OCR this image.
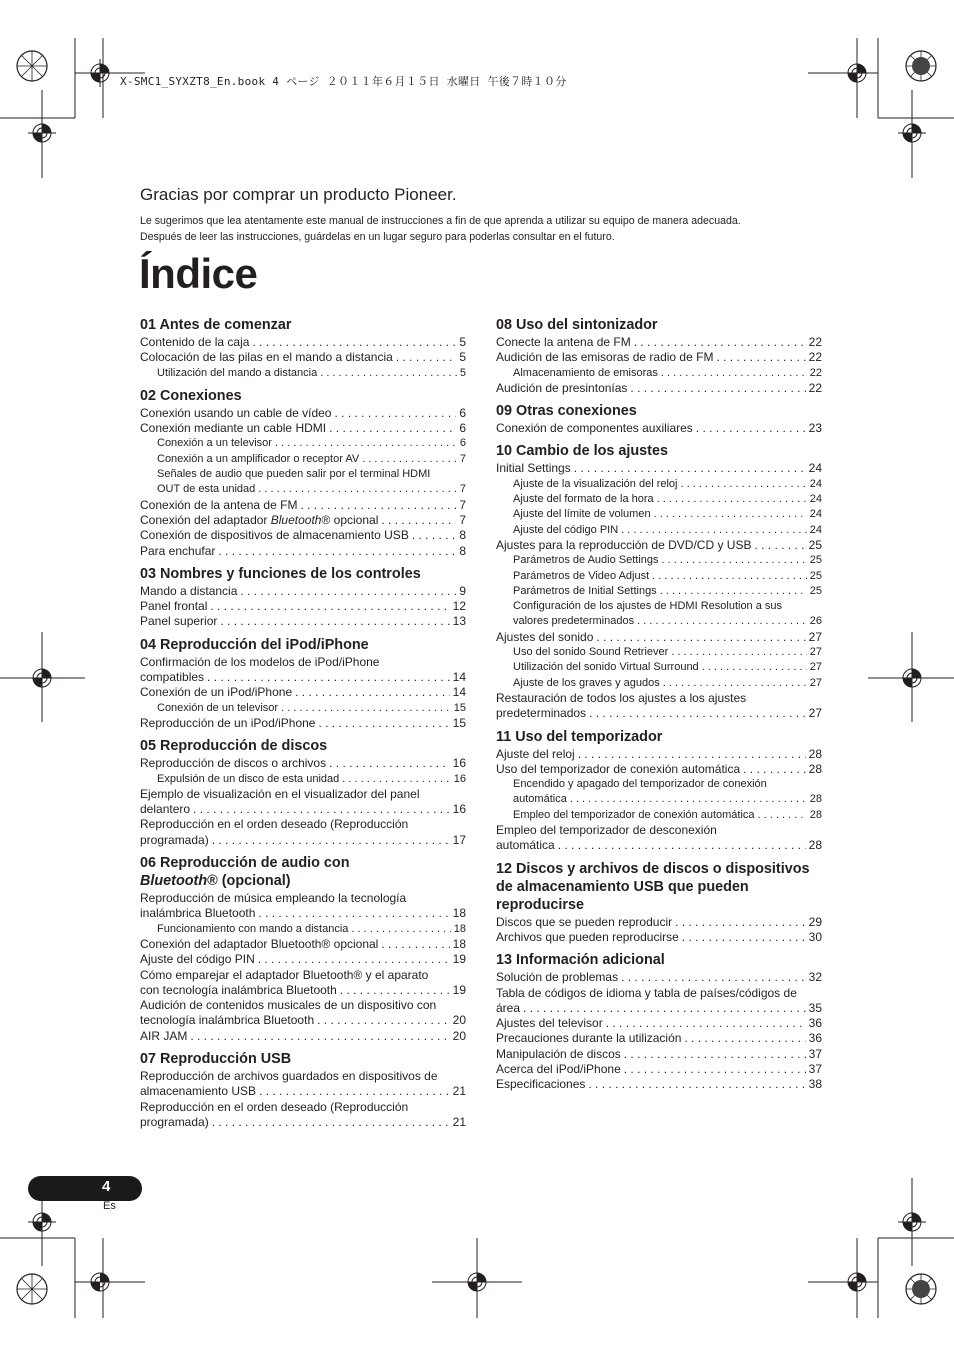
X-SMC1_SYXZT8_En.book 4 ページ ２０１１年６月１５日 水曜日 午後７時１０分
Gracias por comprar un producto Pioneer.

Le sugerimos que lea atentamente este manual de instrucciones a fin de que aprenda a utilizar su equipo de manera adecuada.

Después de leer las instrucciones, guárdelas en un lugar seguro para poderlas consultar en el futuro.

Índice
01 Antes de comenzar
Contenido de la caja . . .	5
Colocación de las pilas en el mando a distancia . . .	5
Utilización del mando a distancia . . .	5
02 Conexiones
Conexión usando un cable de vídeo . . .	6
Conexión mediante un cable HDMI . . .	6
Conexión a un televisor . . .	6
Conexión a un amplificador o receptor AV . . .	7
Señales de audio que pueden salir por el terminal HDMI
OUT de esta unidad . . .	7
Conexión de la antena de FM . . .	7
Conexión del adaptador Bluetooth® opcional . . .	7
Conexión de dispositivos de almacenamiento USB . . .	8
Para enchufar . . .	8
03 Nombres y funciones de los controles
Mando a distancia . . .	9
Panel frontal . . .	12
Panel superior . . .	13
04 Reproducción del iPod/iPhone
Confirmación de los modelos de iPod/iPhone
compatibles . . .	14
Conexión de un iPod/iPhone . . .	14
Conexión de un televisor . . .	15
Reproducción de un iPod/iPhone . . .	15
05 Reproducción de discos
Reproducción de discos o archivos . . .	16
Expulsión de un disco de esta unidad . . .	16
Ejemplo de visualización en el visualizador del panel
delantero . . .	16
Reproducción en el orden deseado (Reproducción
programada) . . .	17
06 Reproducción de audio con
Bluetooth® (opcional)
Reproducción de música empleando la tecnología
inalámbrica Bluetooth . . .	18
Funcionamiento con mando a distancia . . .	18
Conexión del adaptador Bluetooth® opcional . . .	18
Ajuste del código PIN . . .	19
Cómo emparejar el adaptador Bluetooth® y el aparato
con tecnología inalámbrica Bluetooth . . .	19
Audición de contenidos musicales de un dispositivo con
tecnología inalámbrica Bluetooth . . .	20
AIR JAM . . .	20
07 Reproducción USB
Reproducción de archivos guardados en dispositivos de
almacenamiento USB . . .	21
Reproducción en el orden deseado (Reproducción
programada) . . .	21
08 Uso del sintonizador
Conecte la antena de FM . . .	22
Audición de las emisoras de radio de FM . . .	22
Almacenamiento de emisoras . . .	22
Audición de presintonías . . .	22
09 Otras conexiones
Conexión de componentes auxiliares . . .	23
10 Cambio de los ajustes
Initial Settings . . .	24
Ajuste de la visualización del reloj . . .	24
Ajuste del formato de la hora . . .	24
Ajuste del límite de volumen . . .	24
Ajuste del código PIN . . .	24
Ajustes para la reproducción de DVD/CD y USB . . .	25
Parámetros de Audio Settings . . .	25
Parámetros de Video Adjust . . .	25
Parámetros de Initial Settings . . .	25
Configuración de los ajustes de HDMI Resolution a sus
valores predeterminados . . .	26
Ajustes del sonido . . .	27
Uso del sonido Sound Retriever . . .	27
Utilización del sonido Virtual Surround . . .	27
Ajuste de los graves y agudos . . .	27
Restauración de todos los ajustes a los ajustes
predeterminados . . .	27
11 Uso del temporizador
Ajuste del reloj . . .	28
Uso del temporizador de conexión automática . . .	28
Encendido y apagado del temporizador de conexión
automática . . .	28
Empleo del temporizador de conexión automática . . .	28
Empleo del temporizador de desconexión
automática . . .	28
12 Discos y archivos de discos o dispositivos de almacenamiento USB que pueden reproducirse
Discos que se pueden reproducir . . .	29
Archivos que pueden reproducirse . . .	30
13 Información adicional
Solución de problemas . . .	32
Tabla de códigos de idioma y tabla de países/códigos de
área . . .	35
Ajustes del televisor . . .	36
Precauciones durante la utilización . . .	36
Manipulación de discos . . .	37
Acerca del iPod/iPhone . . .	37
Especificaciones . . .	38
4
Es
